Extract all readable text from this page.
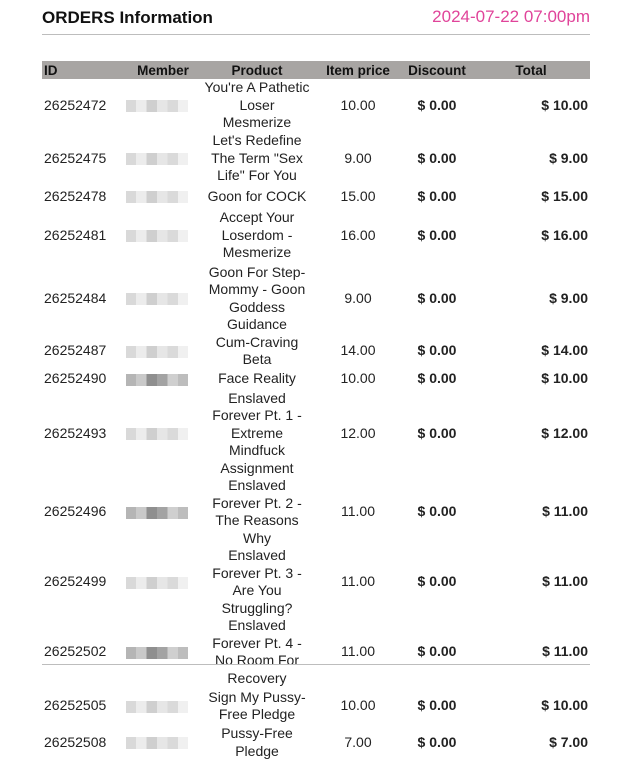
ORDERS Information	2024-07-22 07:00pm
ID	Member	Product	Item price	Discount	Total
26252472		You're A Pathetic Loser Mesmerize	10.00	$ 0.00	$ 10.00
26252475		Let's Redefine The Term "Sex Life" For You	9.00	$ 0.00	$ 9.00
26252478		Goon for COCK	15.00	$ 0.00	$ 15.00
26252481		Accept Your Loserdom - Mesmerize	16.00	$ 0.00	$ 16.00
26252484		Goon For Step-Mommy - Goon Goddess Guidance	9.00	$ 0.00	$ 9.00
26252487		Cum-Craving Beta	14.00	$ 0.00	$ 14.00
26252490		Face Reality	10.00	$ 0.00	$ 10.00
26252493		Enslaved Forever Pt. 1 - Extreme Mindfuck Assignment	12.00	$ 0.00	$ 12.00
26252496		Enslaved Forever Pt. 2 - The Reasons Why	11.00	$ 0.00	$ 11.00
26252499		Enslaved Forever Pt. 3 - Are You Struggling?	11.00	$ 0.00	$ 11.00
26252502		Enslaved Forever Pt. 4 - No Room For Recovery	11.00	$ 0.00	$ 11.00
26252505		Sign My Pussy-Free Pledge	10.00	$ 0.00	$ 10.00
26252508		Pussy-Free Pledge	7.00	$ 0.00	$ 7.00
